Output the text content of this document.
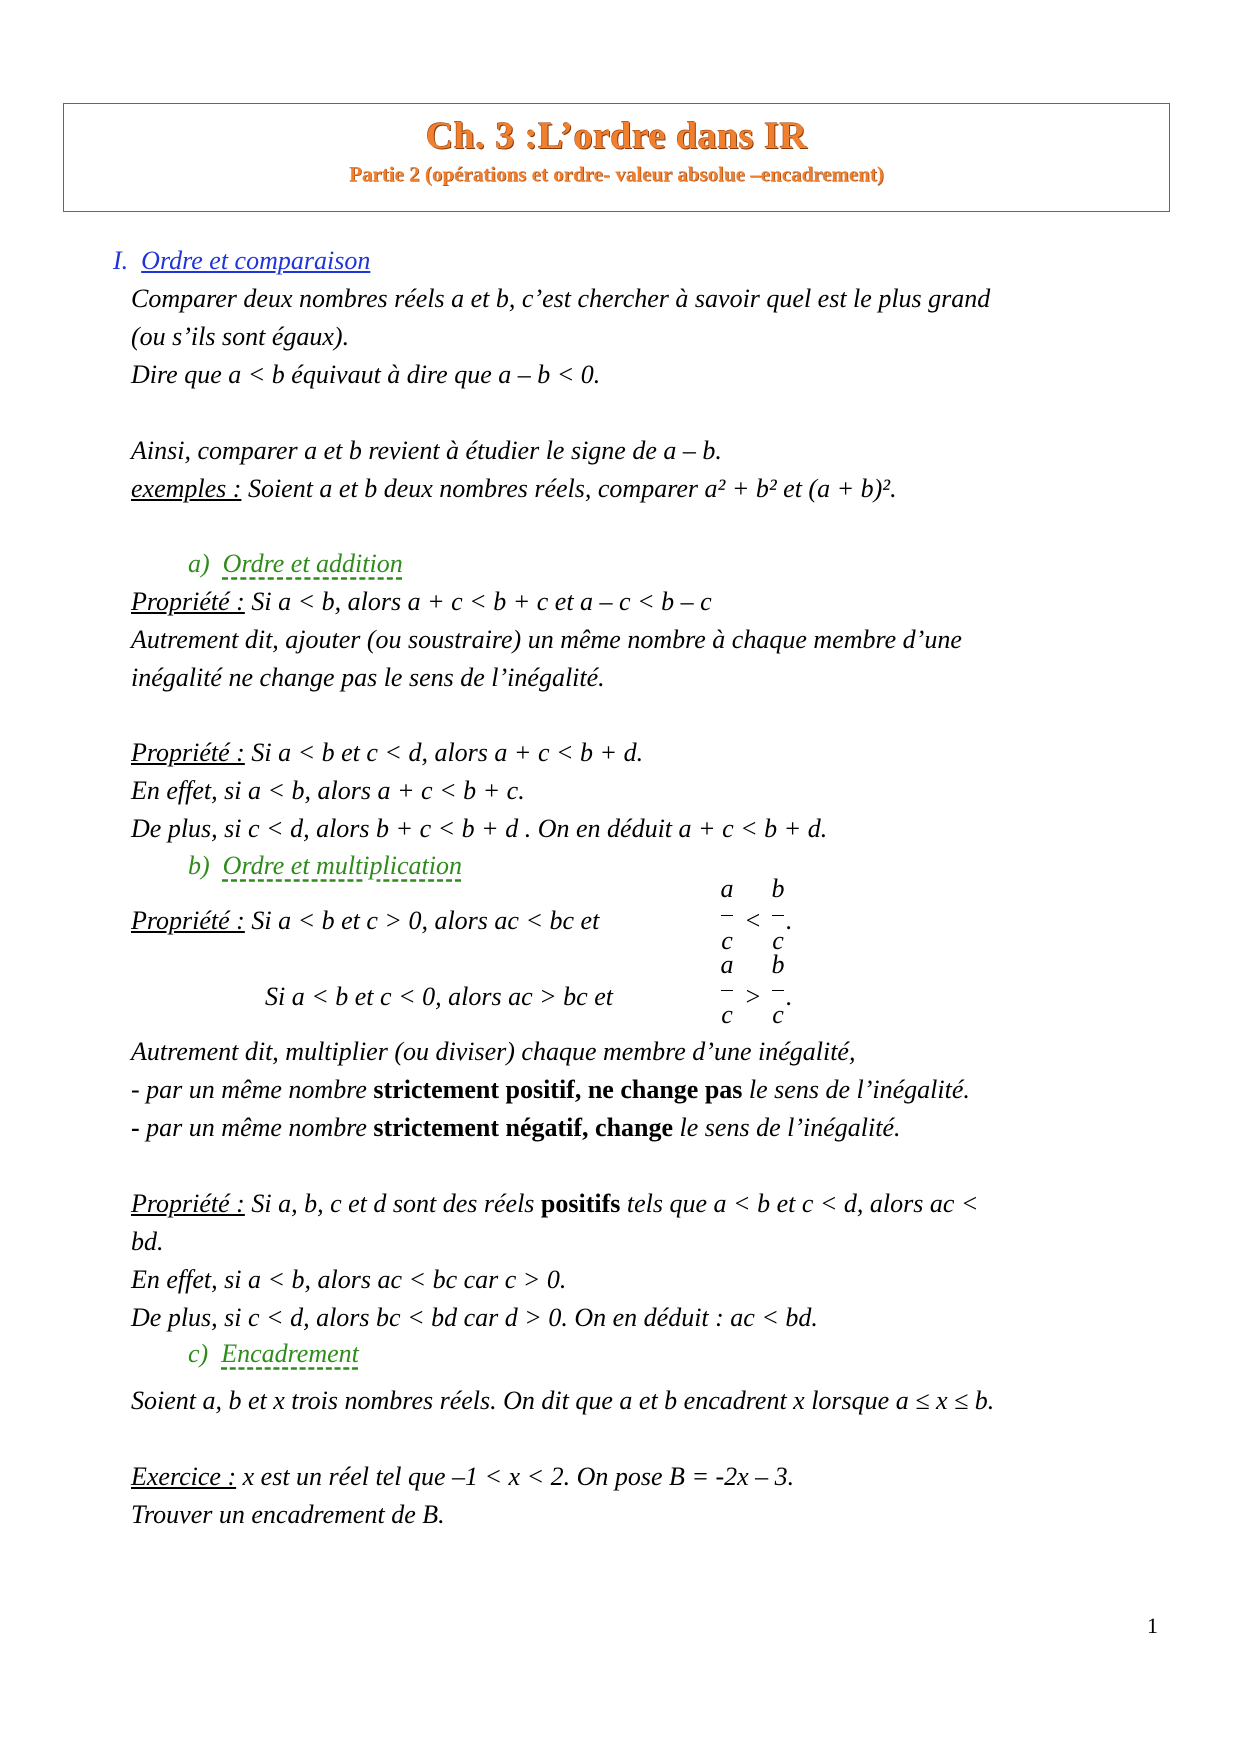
Ch. 3 :L’ordre dans IR
Partie 2 (opérations et ordre- valeur absolue –encadrement)
I. Ordre et comparaison
Comparer deux nombres réels a et b, c’est chercher à savoir quel est le plus grand
(ou s’ils sont égaux).
Dire que a < b équivaut à dire que a – b < 0.
Ainsi, comparer a et b revient à étudier le signe de a – b.
exemples : Soient a et b deux nombres réels, comparer a² + b² et (a + b)².
a) Ordre et addition
Propriété : Si a < b, alors a + c < b + c et a – c < b – c
Autrement dit, ajouter (ou soustraire) un même nombre à chaque membre d’une
inégalité ne change pas le sens de l’inégalité.
Propriété : Si a < b et c < d, alors a + c < b + d.
En effet, si a < b, alors a + c < b + c.
De plus, si c < d, alors b + c < b + d . On en déduit a + c < b + d.
b) Ordre et multiplication
Propriété : Si a < b et c > 0, alors ac < bc et
a
c
<
b
c
.
Si a < b et c < 0, alors ac > bc et
a
c
>
b
c
.
Autrement dit, multiplier (ou diviser) chaque membre d’une inégalité,
- par un même nombre strictement positif, ne change pas le sens de l’inégalité.
- par un même nombre strictement négatif, change le sens de l’inégalité.
Propriété : Si a, b, c et d sont des réels positifs tels que a < b et c < d, alors ac <
bd.
En effet, si a < b, alors ac < bc car c > 0.
De plus, si c < d, alors bc < bd car d > 0. On en déduit : ac < bd.
c) Encadrement
Soient a, b et x trois nombres réels. On dit que a et b encadrent x lorsque a ≤ x ≤ b.
Exercice : x est un réel tel que –1 < x < 2. On pose B = -2x – 3.
Trouver un encadrement de B.
1
